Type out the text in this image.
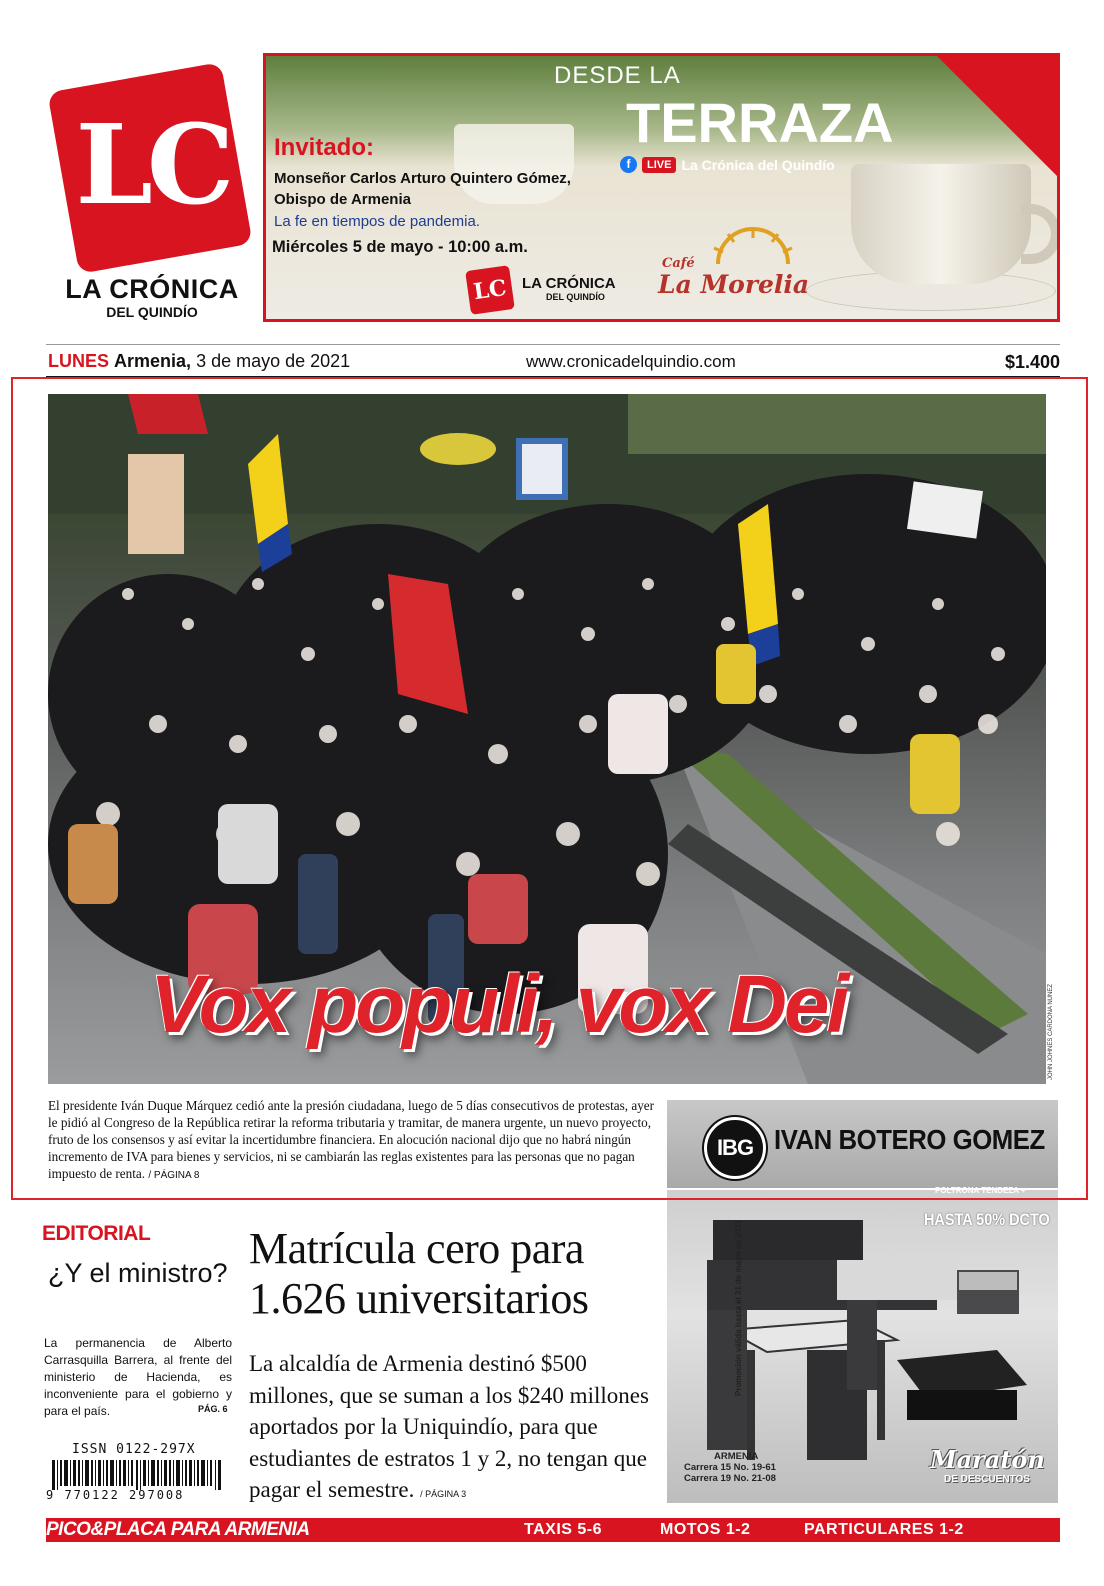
LC
LA CRÓNICA
DEL QUINDÍO
DESDE LA
TERRAZA
f	LIVE La Crónica del Quindío
Invitado:
Monseñor Carlos Arturo Quintero Gómez,
Obispo de Armenia
La fe en tiempos de pandemia.
Miércoles 5 de mayo - 10:00 a.m.
LC LA CRÓNICA
DEL QUINDÍO
Café
La Morelia
LUNES Armenia, 3 de mayo de 2021	www.cronicadelquindio.com	$1.400
Vox populi, vox Dei	JOHN JOHNES CARDONA NÚÑEZ
El presidente Iván Duque Márquez cedió ante la presión ciudadana, luego de 5 días consecutivos de protestas, ayer le pidió al Congreso de la República retirar la reforma tributaria y tramitar, de manera urgente, un nuevo proyecto, fruto de los consensos y así evitar la incertidumbre financiera. En alocución nacional dijo que no habrá ningún incremento de IVA para bienes y servicios, ni se cambiarán las reglas existentes para las personas que no pagan impuesto de renta. / PÁGINA 8
IBG IVAN BOTERO GOMEZ
POLTRONA TENDEZA +
HASTA 50% DCTO
Promoción válida hasta el 31 de mayo de 2021
ARMENIA
Carrera 15 No. 19-61
Carrera 19 No. 21-08
Maratón
DE DESCUENTOS
EDITORIAL
¿Y el ministro?
La permanencia de Alberto Carrasquilla Barrera, al frente del ministerio de Hacienda, es inconveniente para el gobierno y para el país.	PÁG. 6
ISSN 0122-297X
9 770122 297008
Matrícula cero para 1.626 universitarios
La alcaldía de Armenia destinó $500 millones, que se suman a los $240 millones aportados por la Uniquindío, para que estudiantes de estratos 1 y 2, no tengan que pagar el semestre. / PÁGINA 3
PICO&PLACA PARA ARMENIA	TAXIS 5-6	MOTOS 1-2	PARTICULARES 1-2
